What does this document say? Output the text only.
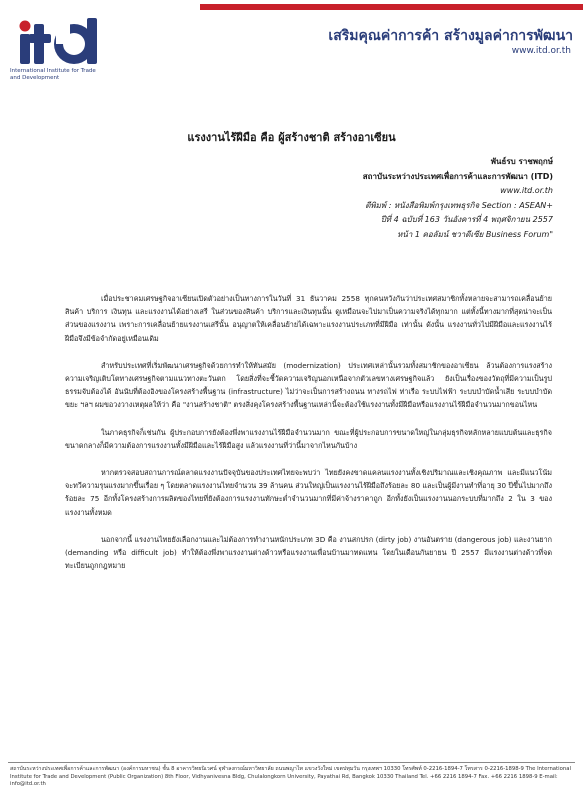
International Institute for Trade and Development
เสริมคุณค่าการค้า สร้างมูลค่าการพัฒนา
www.itd.or.th
แรงงานไร้ฝีมือ คือ ผู้สร้างชาติ สร้างอาเซียน
พันธ์รบ ราชพฤกษ์
สถาบันระหว่างประเทศเพื่อการค้าและการพัฒนา (ITD)
www.itd.or.th
ตีพิมพ์ : หนังสือพิมพ์กรุงเทพธุรกิจ Section : ASEAN+
ปีที่ 4 ฉบับที่ 163 วันอังคารที่ 4 พฤศจิกายน 2557
หน้า 1 คอลัมน์ ชวาดีเซีย Business Forum"

เมื่อประชาคมเศรษฐกิจอาเซียนเปิดตัวอย่างเป็นทางการในวันที่ 31 ธันวาคม 2558 ทุกคนหวังกันว่าประเทศสมาชิกทั้งหลายจะสามารถเคลื่อนย้ายสินค้า บริการ เงินทุน และแรงงานได้อย่างเสรี ในส่วนของสินค้า บริการและเงินทุนนั้น ดูเหมือนจะไปมาเป็นความจริงได้ทุกมาก แต่ทั้งนี้ทางมากที่สุดน่าจะเป็นส่วนของแรงงาน เพราะการเคลื่อนย้ายแรงงานเสรีนั้น อนุญาตให้เคลื่อนย้ายได้เฉพาะแรงงานประเภทที่มีฝีมือ เท่านั้น ดังนั้น แรงงานทั่วไปมีฝีมือและแรงงานไร้ฝีมือจึงมีข้อจำกัดอยู่เหมือนเดิม

สำหรับประเทศที่เริ่มพัฒนาเศรษฐกิจด้วยการทำให้ทันสมัย (modernization) ประเทศเหล่านั้นรวมทั้งสมาชิกของอาเซียน ล้วนต้องการแรงสร้างความเจริญเติบโตทางเศรษฐกิจตามแนวทางตะวันตก โดยสิ่งที่จะชี้วัดความเจริญนอกเหนือจากตัวเลขทางเศรษฐกิจแล้ว ยังเป็นเรื่องของวัตถุที่มีความเป็นรูปธรรมจับต้องได้ อันนับที่ต้องอิงของโครงสร้างพื้นฐาน (infrastructure) ไม่ว่าจะเป็นการสร้างถนน ทางรถไฟ ท่าเรือ ระบบไฟฟ้า ระบบบำบัดน้ำเสีย ระบบบำบัดขยะ ฯลฯ ผมขอวงวางเหตุผลให้ว่า คือ "งานสร้างชาติ" ตรงสิ่งคุงโครงสร้างพื้นฐานเหล่านี้จะต้องใช้แรงงานทั้งมีฝีมือหรือแรงงานไร้ฝีมือจำนวนมากขอนไหน

ในภาคธุรกิจก็เช่นกัน ผู้ประกอบการยังต้องพึ่งพาแรงงานไร้ฝีมือจำนวนมาก ขณะที่ผู้ประกอบการขนาดใหญ่ในกลุ่มธุรกิจหลักหลายแบบต้นและธุรกิจขนาดกลางก็มีความต้องการแรงงานทั้งมีฝีมือและไร้ฝีมือสูง แล้วแรงงานที่ว่านี้มาจากไหนกันบ้าง

หากตรวจสอบสถานการณ์ตลาดแรงงานปัจจุบันของประเทศไทยจะพบว่า ไทยยังคงขาดแคลนแรงงานทั้งเชิงปริมาณและเชิงคุณภาพ และมีแนวโน้มจะทวีความรุนแรงมากขึ้นเรื่อย ๆ โดยตลาดแรงงานไทยจำนวน 39 ล้านคน ส่วนใหญ่เป็นแรงงานไร้ฝีมือถึงร้อยละ 80 และเป็นผู้มีงานทำที่อายุ 30 ปีขึ้นไปมากถึงร้อยละ 75 อีกทั้งโครงสร้างการผลิตของไทยที่ยังต้องการแรงงานทักษะต่ำจำนวนมากที่มีค่าจ้างราคาถูก อีกทั้งยังเป็นแรงงานนอกระบบที่มากถึง 2 ใน 3 ของแรงงานทั้งหมด

นอกจากนี้ แรงงานไทยยังเลือกงานและไม่ต้องการทำงานหนักประเภท 3D คือ งานสกปรก (dirty job) งานอันตราย (dangerous job) และงานยาก (demanding หรือ difficult job) ทำให้ต้องพึ่งพาแรงงานต่างด้าวหรือแรงงานเพื่อนบ้านมาทดแทน โดยในเดือนกันยายน ปี 2557 มีแรงงานต่างด้าวที่จดทะเบียนถูกกฎหมาย

สถาบันระหว่างประเทศเพื่อการค้าและการพัฒนา (องค์การมหาชน) ชั้น 8 อาคารวิทยนิเวศน์ จุฬาลงกรณ์มหาวิทยาลัย ถนนพญาไท แขวงวังใหม่ เขตปทุมวัน กรุงเทพฯ 10330 โทรศัพท์ 0-2216-1894-7 โทรสาร 0-2216-1898-9 The International Institute for Trade and Development (Public Organization) 8th Floor, Vidhyanivesna Bldg, Chulalongkorn University, Payathai Rd, Bangkok 10330 Thailand Tel. +66 2216 1894-7 Fax. +66 2216 1898-9 E-mail: info@itd.or.th
